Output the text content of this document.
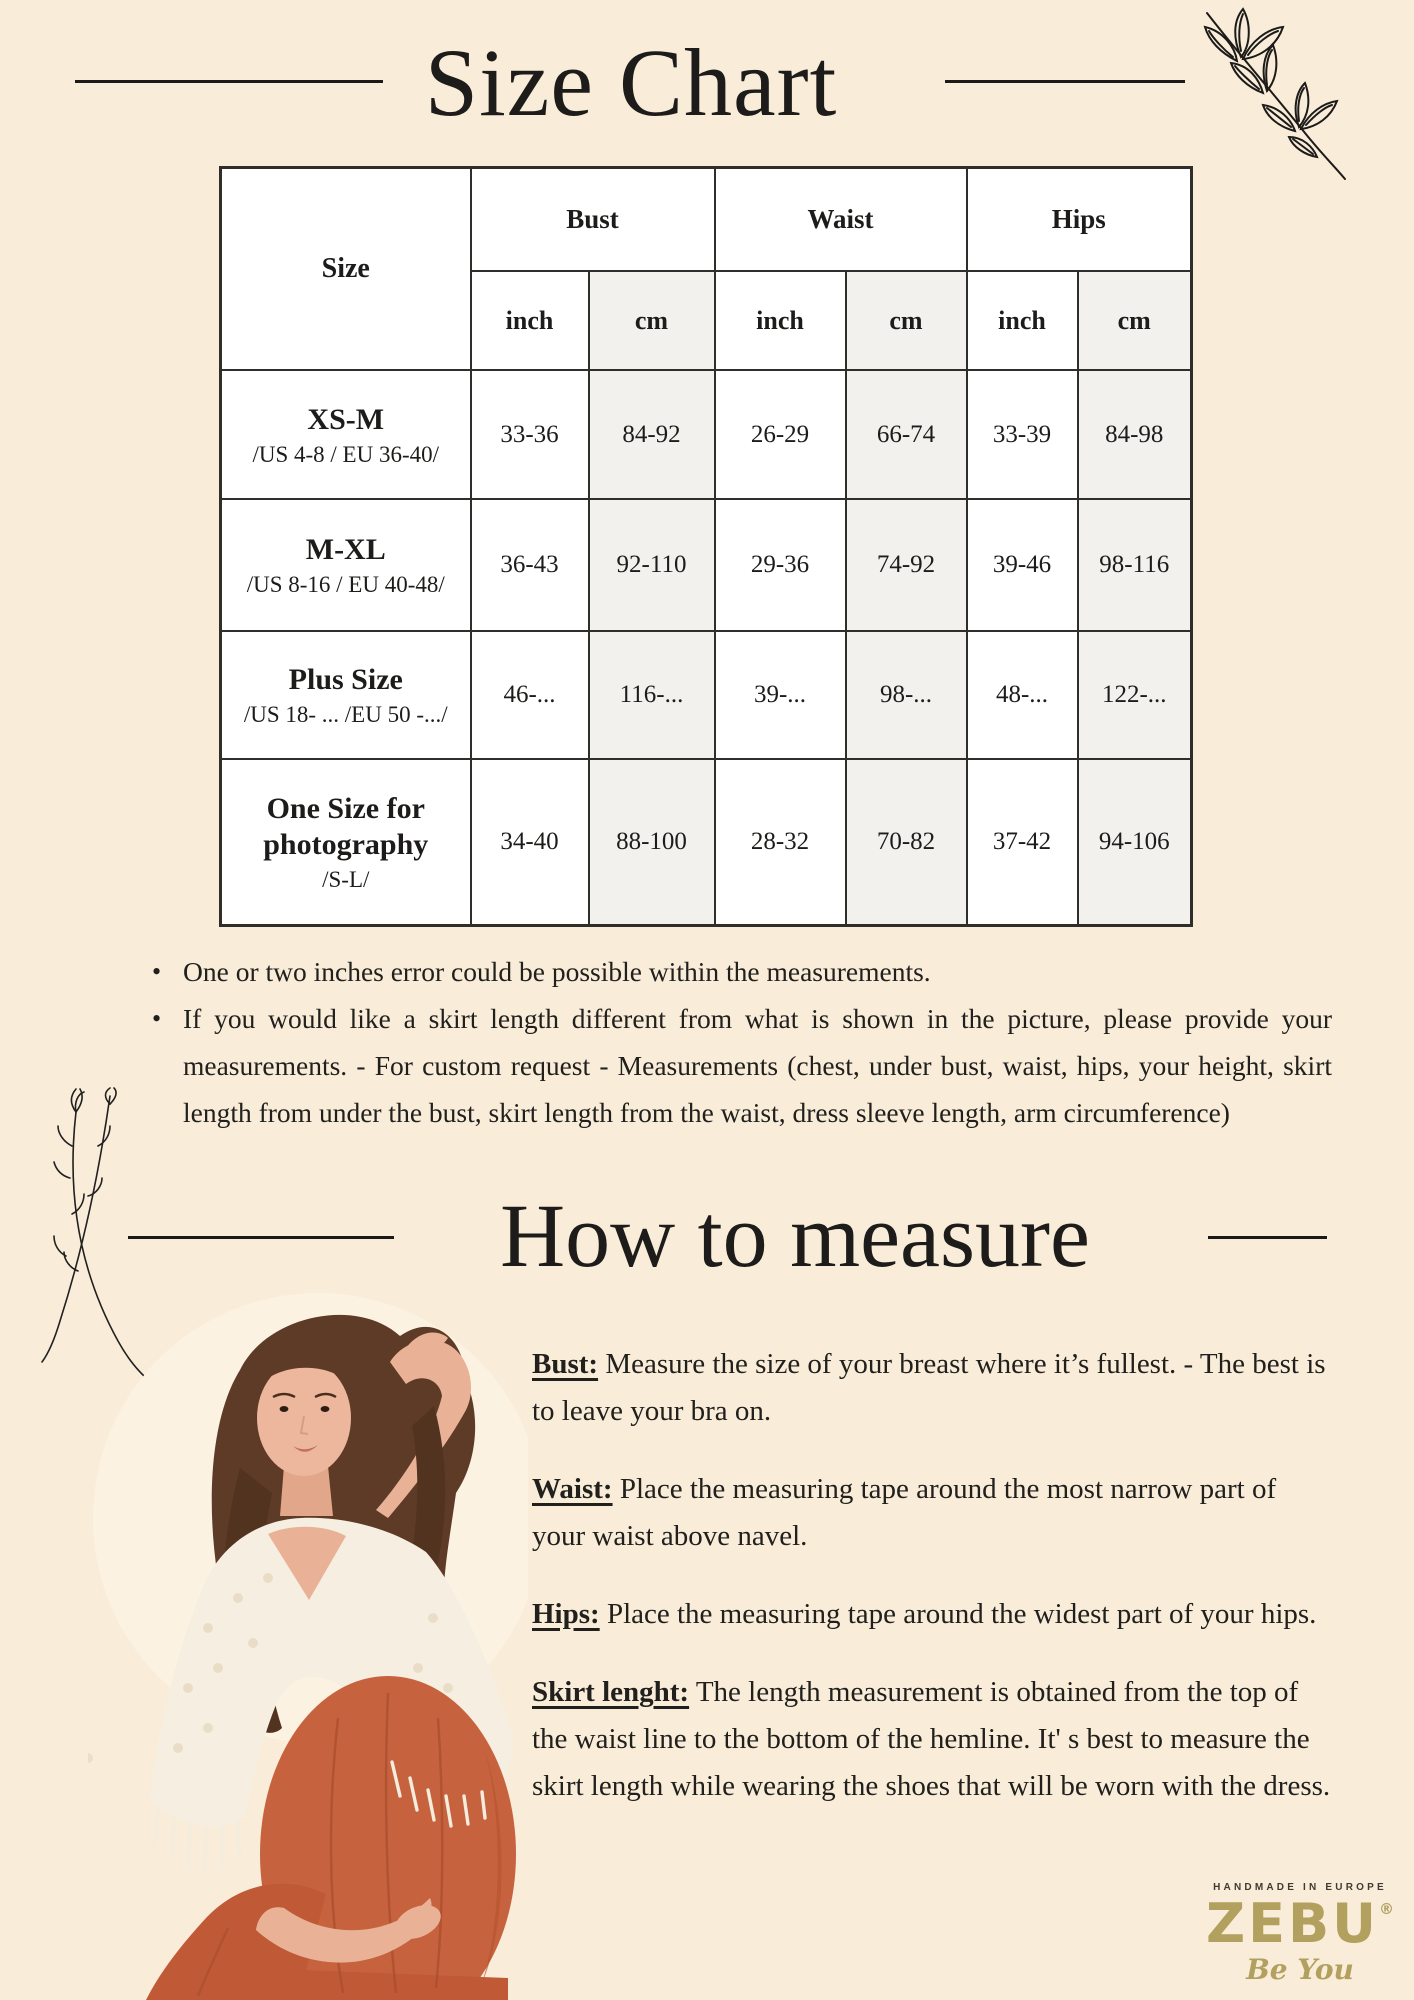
Size Chart
Size	Bust		Waist		Hips	
	inch	cm	inch	cm	inch	cm

XS-M
/US 4-8 / EU 36-40/	33-36	84-92	26-29	66-74	33-39	84-98

M-XL
/US 8-16 / EU 40-48/	36-43	92-110	29-36	74-92	39-46	98-116

Plus Size
/US 18- ... /EU 50 -.../	46-...	116-...	39-...	98-...	48-...	122-...

One Size for photography
/S-L/	34-40	88-100	28-32	70-82	37-42	94-106
• One or two inches error could be possible within the measurements.
• If you would like a skirt length different from what is shown in the picture, please provide your measurements. - For custom request - Measurements (chest, under bust, waist, hips, your height, skirt length from under the bust, skirt length from the waist, dress sleeve length, arm circumference)
How to measure

Bust: Measure the size of your breast where it’s fullest. - The best is to leave your bra on.

Waist: Place the measuring tape around the most narrow part of your waist above navel.

Hips: Place the measuring tape around the widest part of your hips.

Skirt lenght: The length measurement is obtained from the top of the waist line to the bottom of the hemline. It' s best to measure the skirt length while wearing the shoes that will be worn with the dress.

HANDMADE IN EUROPE
ZEBU®
Be You
